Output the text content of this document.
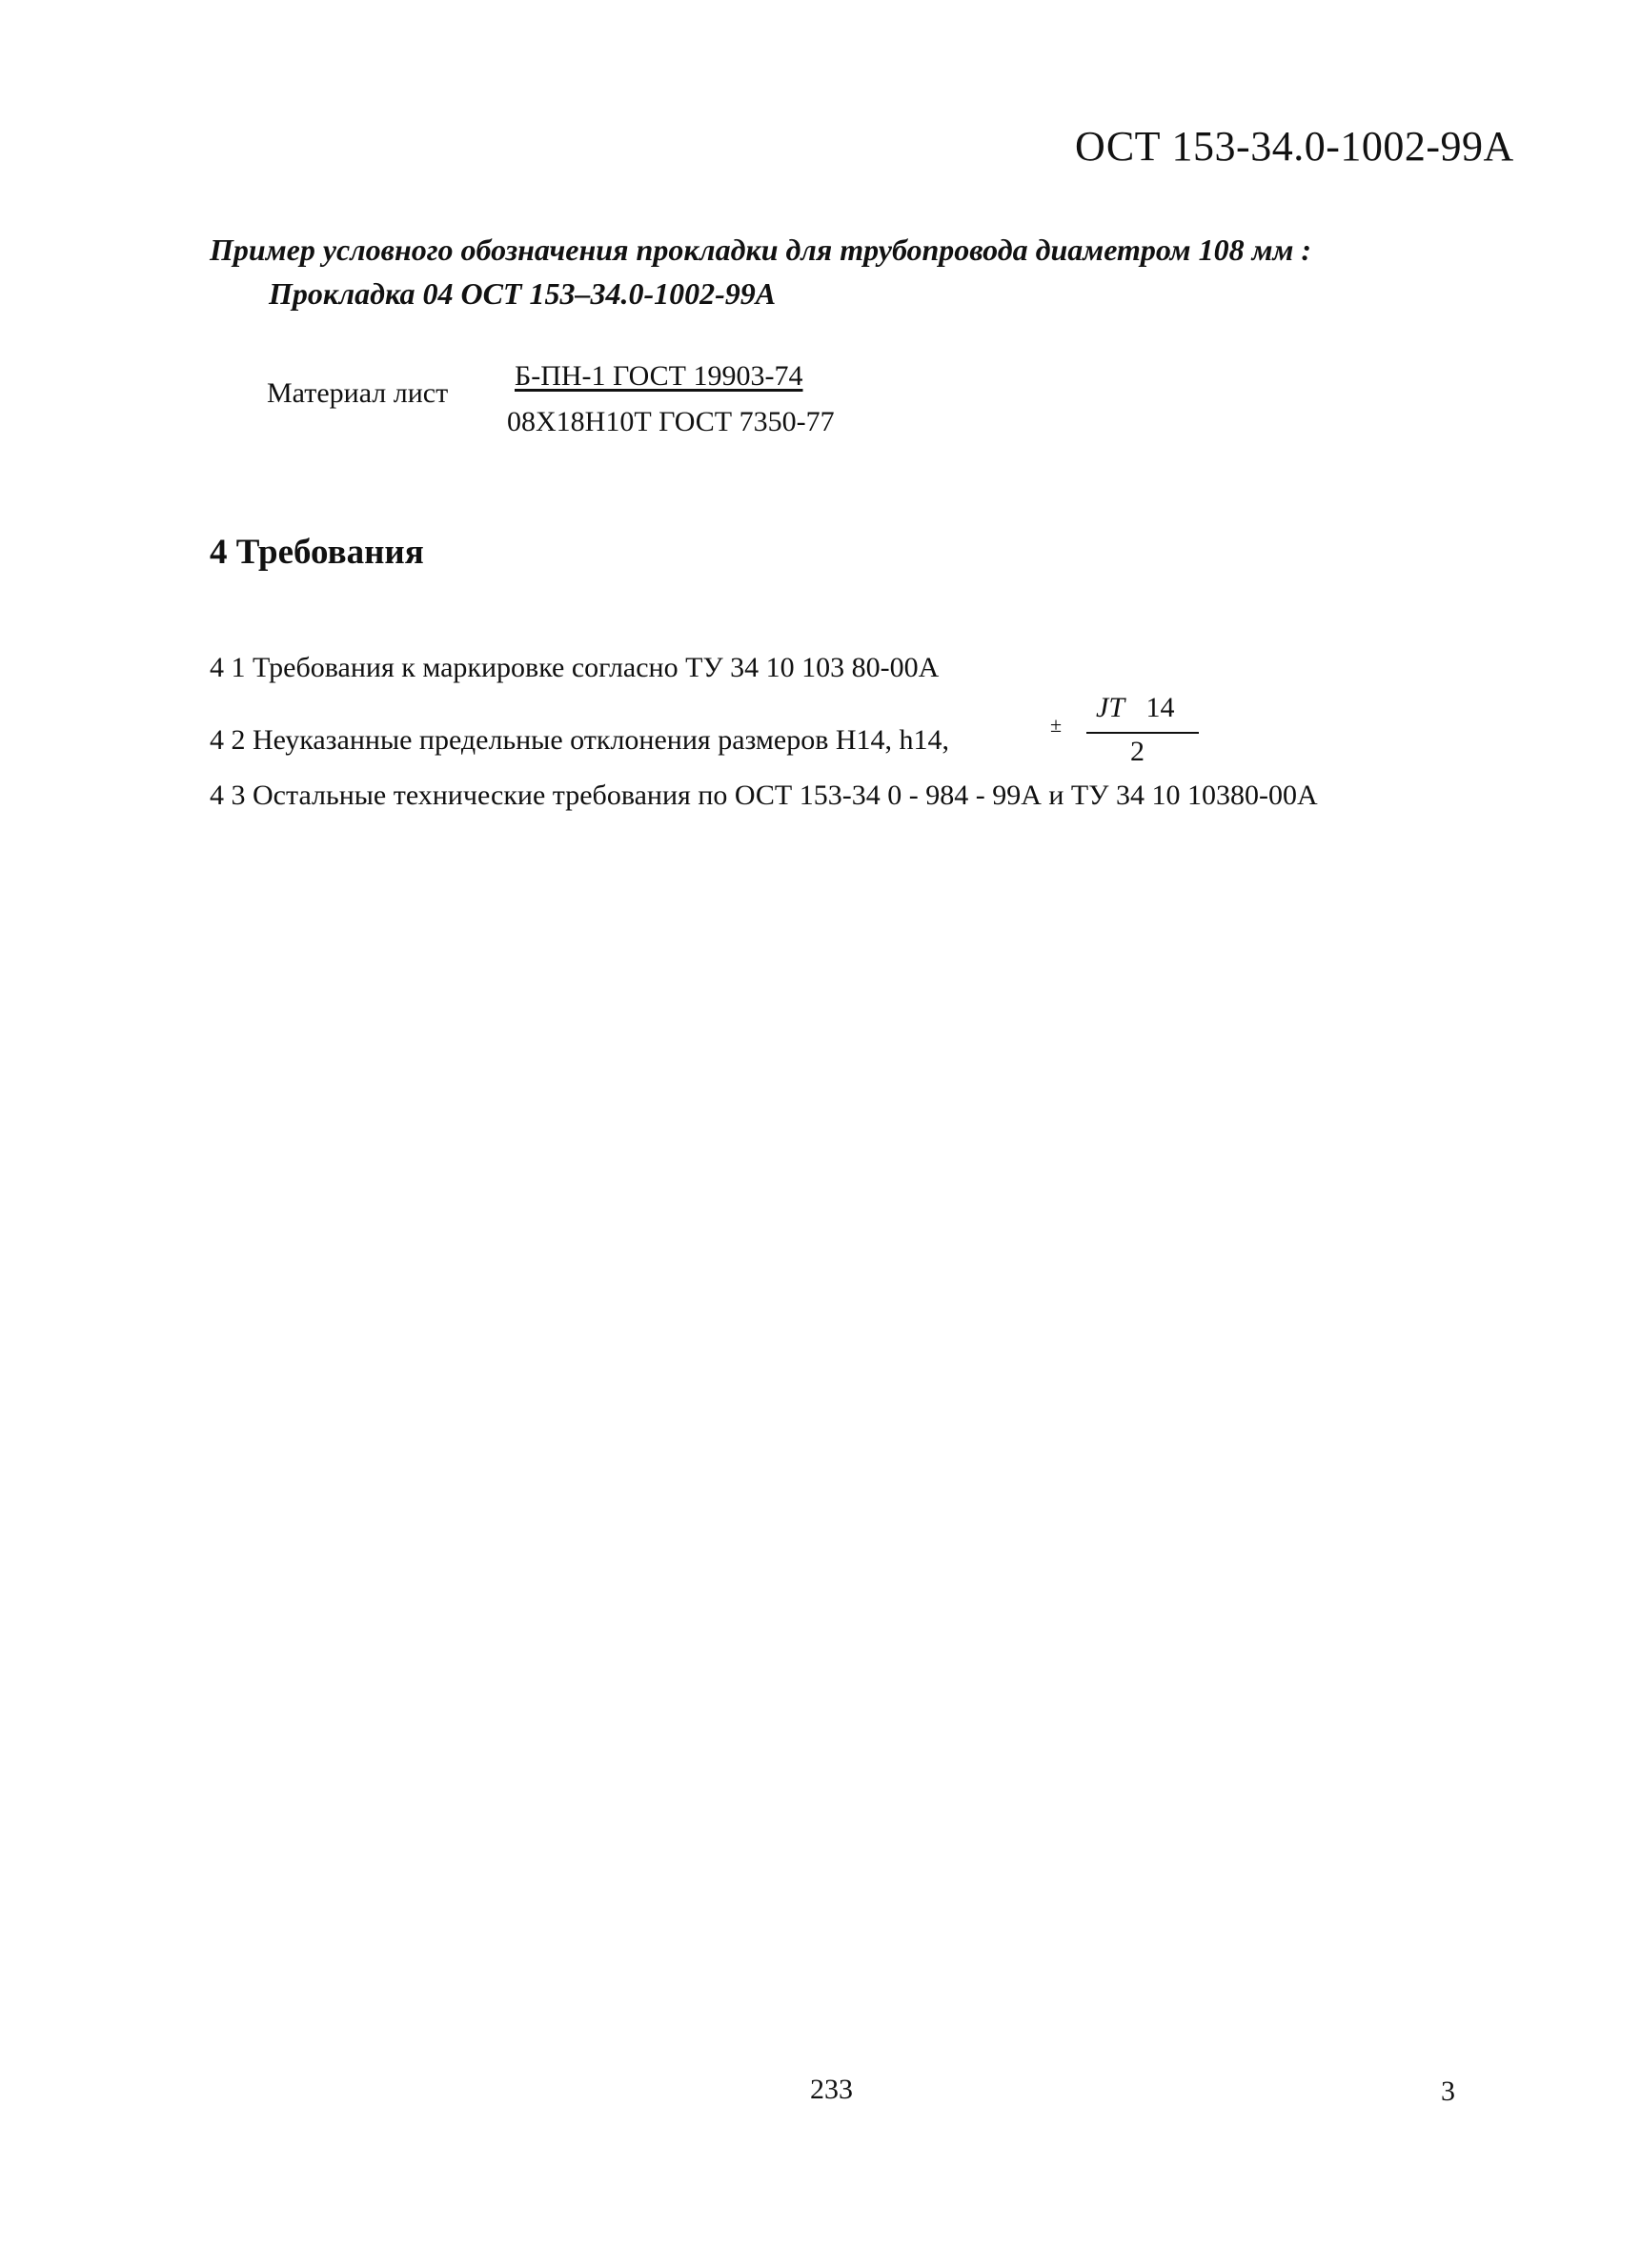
ОСТ 153-34.0-1002-99А
Пример условного обозначения прокладки для трубопровода диаметром 108 мм :
Прокладка 04 ОСТ 153–34.0-1002-99А
Материал лист
Б-ПН-1 ГОСТ 19903-74
08Х18Н10Т ГОСТ 7350-77
4 Требования
4 1 Требования к маркировке согласно ТУ 34 10 103 80-00А
4 2 Неуказанные предельные отклонения размеров Н14, h14,	±
JT 14
2
4 3 Остальные технические требования по ОСТ 153-34 0 - 984 - 99А и ТУ 34 10 10380-00А
233	3
